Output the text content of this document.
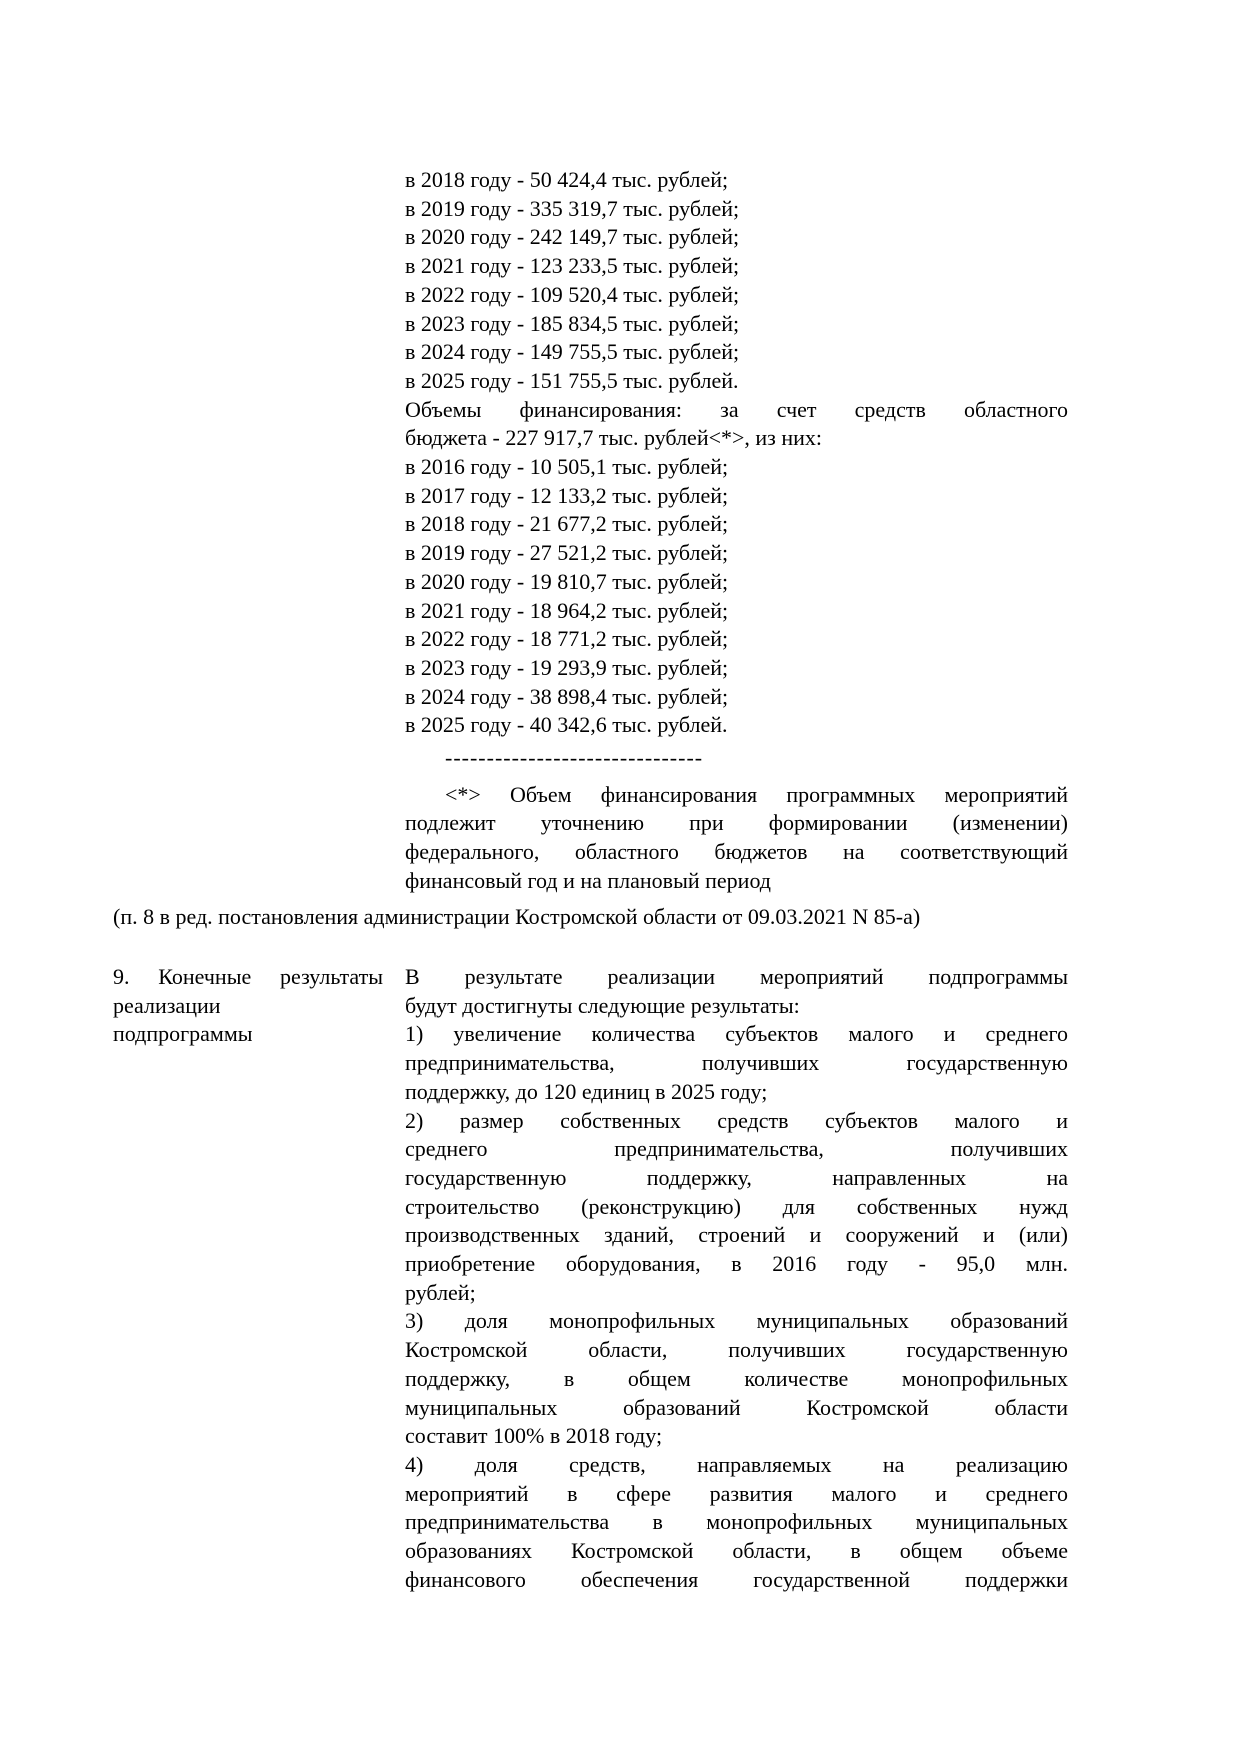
в 2018 году - 50 424,4 тыс. рублей;
в 2019 году - 335 319,7 тыс. рублей;
в 2020 году - 242 149,7 тыс. рублей;
в 2021 году - 123 233,5 тыс. рублей;
в 2022 году - 109 520,4 тыс. рублей;
в 2023 году - 185 834,5 тыс. рублей;
в 2024 году - 149 755,5 тыс. рублей;
в 2025 году - 151 755,5 тыс. рублей.
Объемы финансирования: за счет средств областного
бюджета - 227 917,7 тыс. рублей<*>, из них:
в 2016 году - 10 505,1 тыс. рублей;
в 2017 году - 12 133,2 тыс. рублей;
в 2018 году - 21 677,2 тыс. рублей;
в 2019 году - 27 521,2 тыс. рублей;
в 2020 году - 19 810,7 тыс. рублей;
в 2021 году - 18 964,2 тыс. рублей;
в 2022 году - 18 771,2 тыс. рублей;
в 2023 году - 19 293,9 тыс. рублей;
в 2024 году - 38 898,4 тыс. рублей;
в 2025 году - 40 342,6 тыс. рублей.
-------------------------------
<*> Объем финансирования программных мероприятий
подлежит уточнению при формировании (изменении)
федерального, областного бюджетов на соответствующий
финансовый год и на плановый период
(п. 8 в ред. постановления администрации Костромской области от 09.03.2021 N 85-а)
9. Конечные результаты
реализации
подпрограммы
В результате реализации мероприятий подпрограммы
будут достигнуты следующие результаты:
1) увеличение количества субъектов малого и среднего
предпринимательства, получивших государственную
поддержку, до 120 единиц в 2025 году;
2) размер собственных средств субъектов малого и
среднего предпринимательства, получивших
государственную поддержку, направленных на
строительство (реконструкцию) для собственных нужд
производственных зданий, строений и сооружений и (или)
приобретение оборудования, в 2016 году - 95,0 млн.
рублей;
3) доля монопрофильных муниципальных образований
Костромской области, получивших государственную
поддержку, в общем количестве монопрофильных
муниципальных образований Костромской области
составит 100% в 2018 году;
4) доля средств, направляемых на реализацию
мероприятий в сфере развития малого и среднего
предпринимательства в монопрофильных муниципальных
образованиях Костромской области, в общем объеме
финансового обеспечения государственной поддержки
